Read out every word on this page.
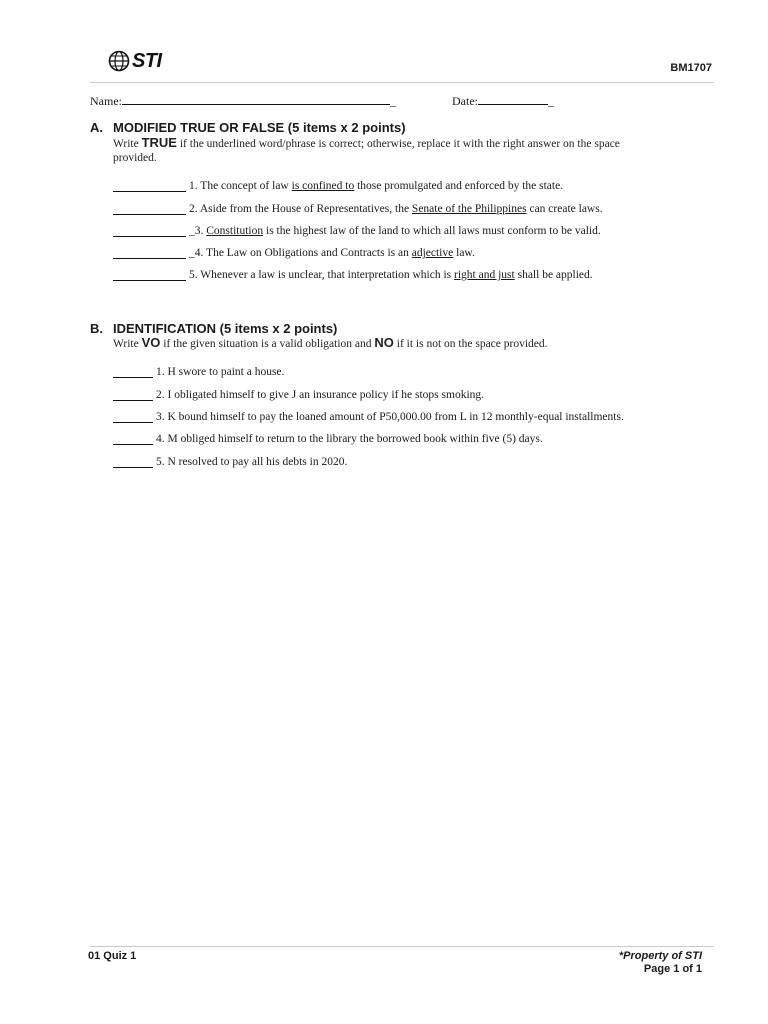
STI	BM1707
Name:	_	Date:	_
A. MODIFIED TRUE OR FALSE (5 items x 2 points)
Write TRUE if the underlined word/phrase is correct; otherwise, replace it with the right answer on the space
provided.
1. The concept of law is confined to those promulgated and enforced by the state.
2. Aside from the House of Representatives, the Senate of the Philippines can create laws.
_ 3. Constitution is the highest law of the land to which all laws must conform to be valid.
_ 4. The Law on Obligations and Contracts is an adjective law.
5. Whenever a law is unclear, that interpretation which is right and just shall be applied.
B. IDENTIFICATION (5 items x 2 points)
Write VO if the given situation is a valid obligation and NO if it is not on the space provided.
1. H swore to paint a house.
2. I obligated himself to give J an insurance policy if he stops smoking.
3. K bound himself to pay the loaned amount of P50,000.00 from L in 12 monthly-equal installments.
4. M obliged himself to return to the library the borrowed book within five (5) days.
5. N resolved to pay all his debts in 2020.
01 Quiz 1	*Property of STI
Page 1 of 1
